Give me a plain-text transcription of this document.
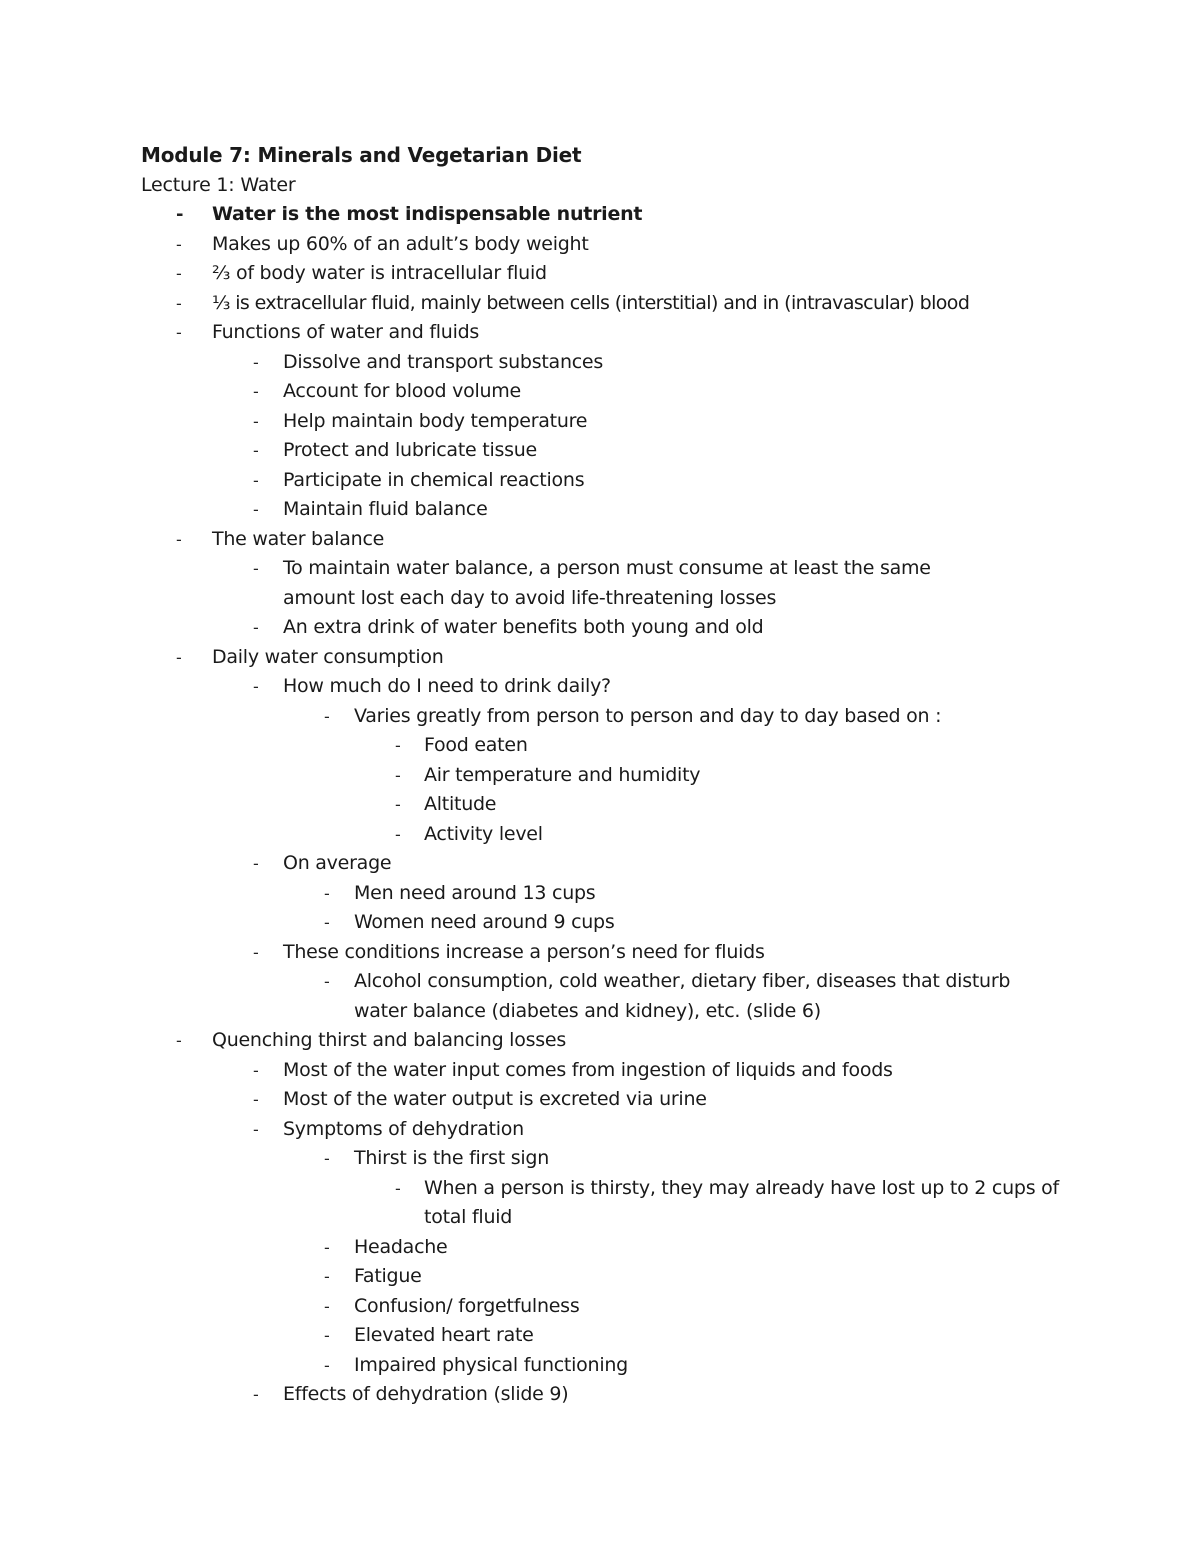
Module 7: Minerals and Vegetarian Diet
Lecture 1: Water
- Water is the most indispensable nutrient
- Makes up 60% of an adult’s body weight
- ⅔ of body water is intracellular fluid
- ⅓ is extracellular fluid, mainly between cells (interstitial) and in (intravascular) blood
- Functions of water and fluids
- Dissolve and transport substances
- Account for blood volume
- Help maintain body temperature
- Protect and lubricate tissue
- Participate in chemical reactions
- Maintain fluid balance
- The water balance
- To maintain water balance, a person must consume at least the same amount lost each day to avoid life-threatening losses
- An extra drink of water benefits both young and old
- Daily water consumption
- How much do I need to drink daily?
- Varies greatly from person to person and day to day based on :
- Food eaten
- Air temperature and humidity
- Altitude
- Activity level
- On average
- Men need around 13 cups
- Women need around 9 cups
- These conditions increase a person’s need for fluids
- Alcohol consumption, cold weather, dietary fiber, diseases that disturb water balance (diabetes and kidney), etc. (slide 6)
- Quenching thirst and balancing losses
- Most of the water input comes from ingestion of liquids and foods
- Most of the water output is excreted via urine
- Symptoms of dehydration
- Thirst is the first sign
- When a person is thirsty, they may already have lost up to 2 cups of total fluid
- Headache
- Fatigue
- Confusion/ forgetfulness
- Elevated heart rate
- Impaired physical functioning
- Effects of dehydration (slide 9)
